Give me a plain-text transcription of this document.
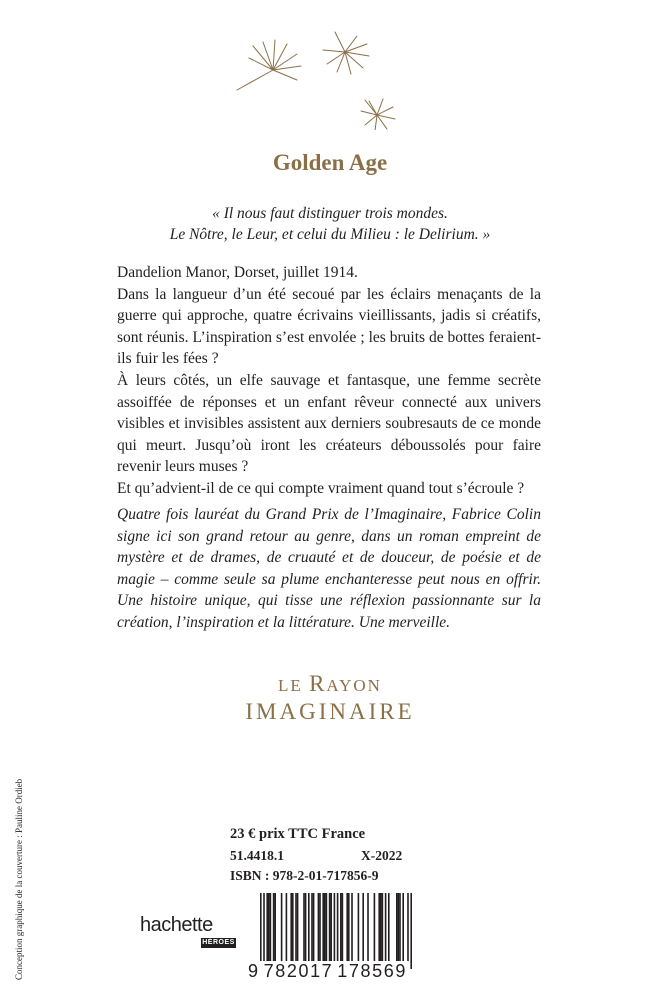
Golden Age
« Il nous faut distinguer trois mondes.
Le Nôtre, le Leur, et celui du Milieu : le Delirium. »

Dandelion Manor, Dorset, juillet 1914.

Dans la langueur d’un été secoué par les éclairs menaçants de la guerre qui approche, quatre écrivains vieillissants, jadis si créatifs, sont réunis. L’inspiration s’est envolée ; les bruits de bottes feraient-ils fuir les fées ?

À leurs côtés, un elfe sauvage et fantasque, une femme secrète assoiffée de réponses et un enfant rêveur connecté aux univers visibles et invisibles assistent aux derniers soubresauts de ce monde qui meurt. Jusqu’où iront les créateurs déboussolés pour faire revenir leurs muses ?

Et qu’advient-il de ce qui compte vraiment quand tout s’écroule ?

Quatre fois lauréat du Grand Prix de l’Imaginaire, Fabrice Colin signe ici son grand retour au genre, dans un roman empreint de mystère et de drames, de cruauté et de douceur, de poésie et de magie – comme seule sa plume enchanteresse peut nous en offrir. Une histoire unique, qui tisse une réflexion passionnante sur la création, l’inspiration et la littérature. Une merveille.

LE RAYON
IMAGINAIRE
Conception graphique de la couverture : Pauline Ordieb	23 € prix TTC France
51.4418.1	X-2022
ISBN : 978-2-01-717856-9
hachette
HÉROES
9 782017 178569
